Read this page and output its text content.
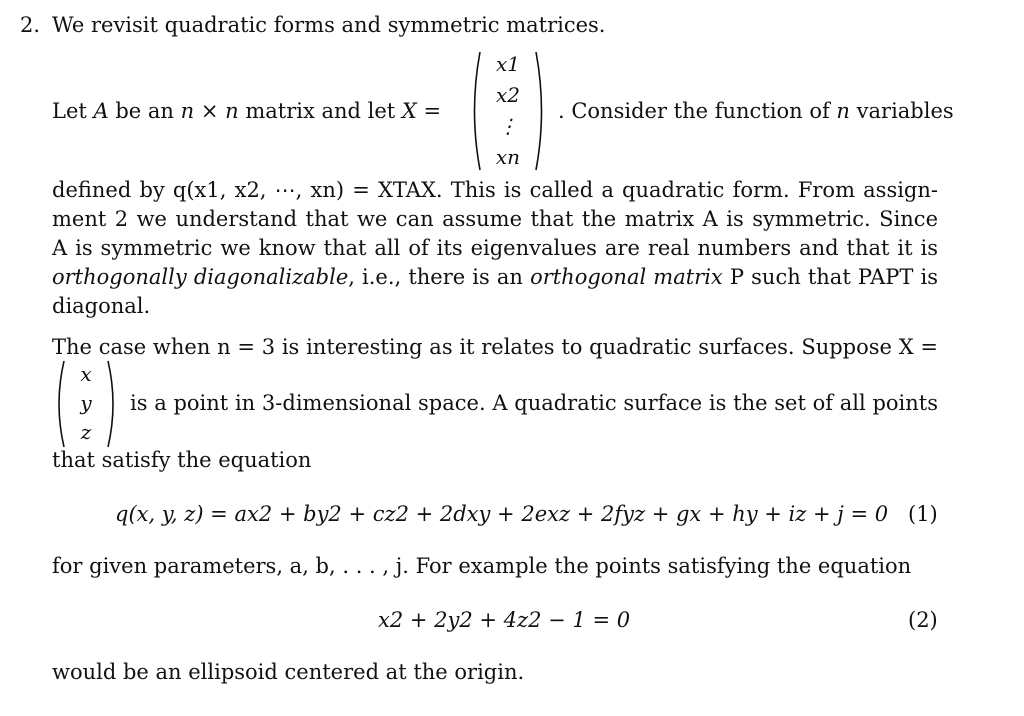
2. We revisit quadratic forms and symmetric matrices.
Let A be an n × n matrix and let X =
x1
x2
⋮
xn
. Consider the function of n variables
defined by q(x1, x2, ⋯, xn) = XTAX. This is called a quadratic form. From assign-
ment 2 we understand that we can assume that the matrix A is symmetric. Since
A is symmetric we know that all of its eigenvalues are real numbers and that it is
orthogonally diagonalizable, i.e., there is an orthogonal matrix P such that PAPT is
diagonal.
The case when n = 3 is interesting as it relates to quadratic surfaces. Suppose X =
x
y
z
is a point in 3-dimensional space. A quadratic surface is the set of all points
that satisfy the equation
q(x, y, z) = ax2 + by2 + cz2 + 2dxy + 2exz + 2fyz + gx + hy + iz + j = 0 (1)
for given parameters, a, b, . . . , j. For example the points satisfying the equation
x2 + 2y2 + 4z2 − 1 = 0	(2)
would be an ellipsoid centered at the origin.
